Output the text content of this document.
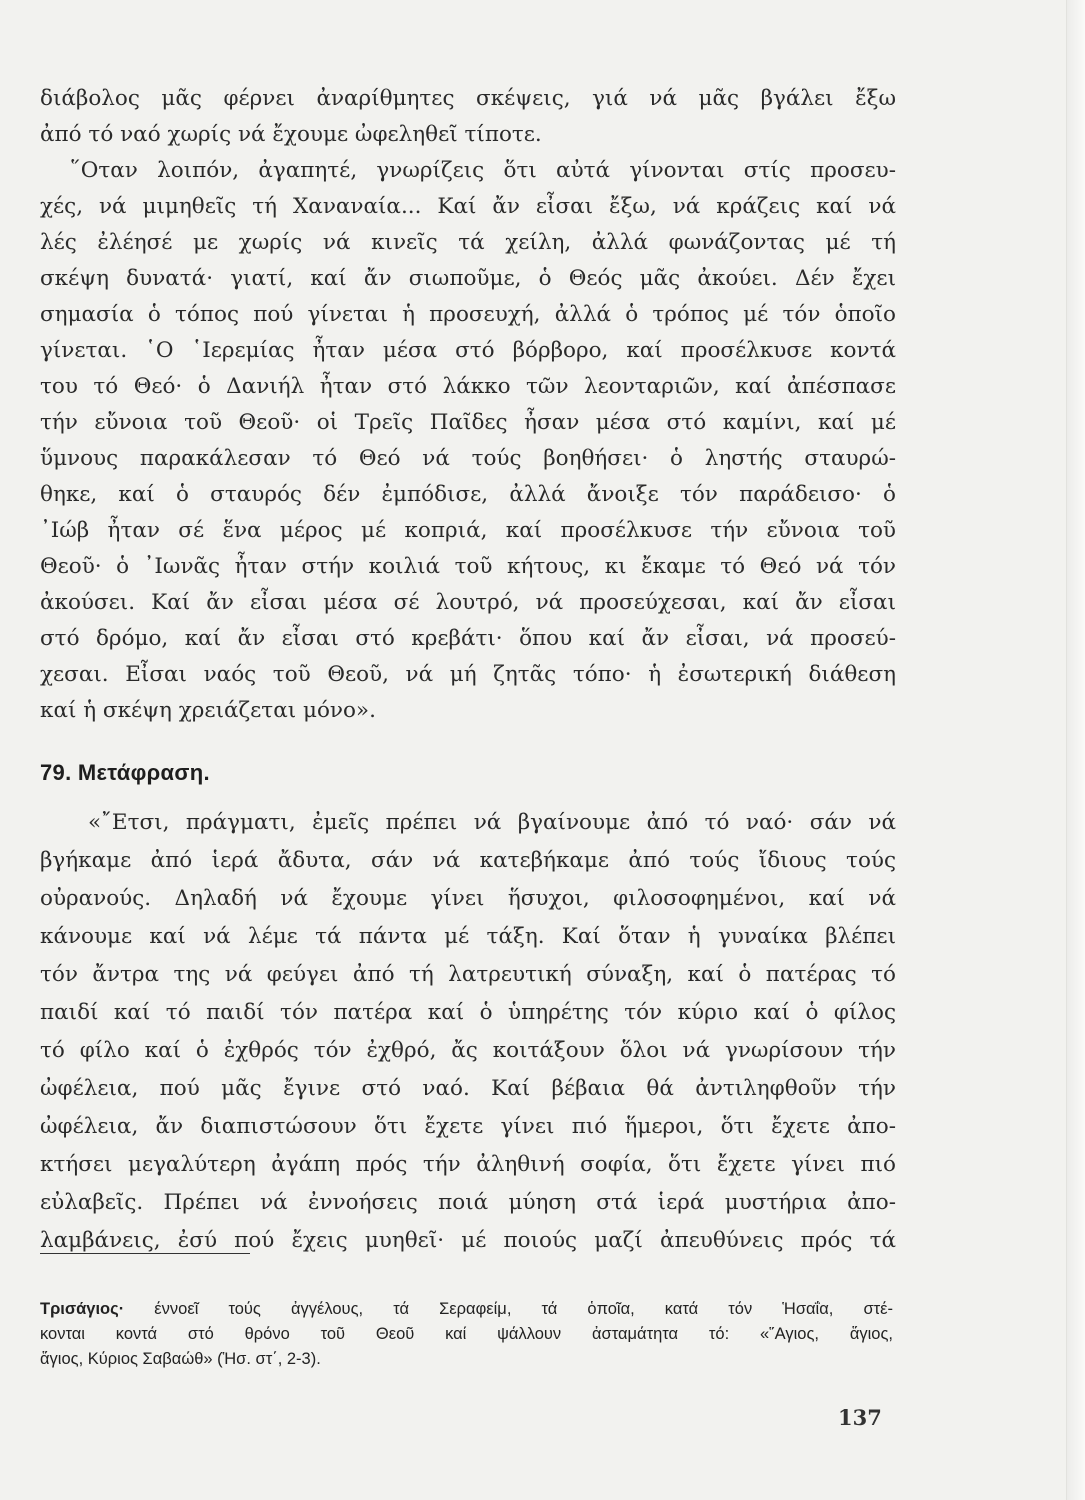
διάβολος μᾶς φέρνει ἀναρίθμητες σκέψεις, γιά νά μᾶς βγάλει ἔξω
ἀπό τό ναό χωρίς νά ἔχουμε ὠφεληθεῖ τίποτε.
῞Οταν λοιπόν, ἀγαπητέ, γνωρίζεις ὅτι αὐτά γίνονται στίς προσευ-
χές, νά μιμηθεῖς τή Χαναναία... Καί ἄν εἶσαι ἔξω, νά κράζεις καί νά
λές ἐλέησέ με χωρίς νά κινεῖς τά χείλη, ἀλλά φωνάζοντας μέ τή
σκέψη δυνατά· γιατί, καί ἄν σιωποῦμε, ὁ Θεός μᾶς ἀκούει. Δέν ἔχει
σημασία ὁ τόπος πού γίνεται ἡ προσευχή, ἀλλά ὁ τρόπος μέ τόν ὁποῖο
γίνεται. ῾Ο ῾Ιερεμίας ἦταν μέσα στό βόρβορο, καί προσέλκυσε κοντά
του τό Θεό· ὁ Δανιήλ ἦταν στό λάκκο τῶν λεονταριῶν, καί ἀπέσπασε
τήν εὔνοια τοῦ Θεοῦ· οἱ Τρεῖς Παῖδες ἦσαν μέσα στό καμίνι, καί μέ
ὕμνους παρακάλεσαν τό Θεό νά τούς βοηθήσει· ὁ ληστής σταυρώ-
θηκε, καί ὁ σταυρός δέν ἐμπόδισε, ἀλλά ἄνοιξε τόν παράδεισο· ὁ
᾿Ιώβ ἦταν σέ ἕνα μέρος μέ κοπριά, καί προσέλκυσε τήν εὔνοια τοῦ
Θεοῦ· ὁ ᾿Ιωνᾶς ἦταν στήν κοιλιά τοῦ κήτους, κι ἔκαμε τό Θεό νά τόν
ἀκούσει. Καί ἄν εἶσαι μέσα σέ λουτρό, νά προσεύχεσαι, καί ἄν εἶσαι
στό δρόμο, καί ἄν εἶσαι στό κρεβάτι· ὅπου καί ἄν εἶσαι, νά προσεύ-
χεσαι. Εἶσαι ναός τοῦ Θεοῦ, νά μή ζητᾶς τόπο· ἡ ἐσωτερική διάθεση
καί ἡ σκέψη χρειάζεται μόνο».
79. Μετάφραση.
«῎Ετσι, πράγματι, ἐμεῖς πρέπει νά βγαίνουμε ἀπό τό ναό· σάν νά
βγήκαμε ἀπό ἱερά ἄδυτα, σάν νά κατεβήκαμε ἀπό τούς ἴδιους τούς
οὐρανούς. Δηλαδή νά ἔχουμε γίνει ἥσυχοι, φιλοσοφημένοι, καί νά
κάνουμε καί νά λέμε τά πάντα μέ τάξη. Καί ὅταν ἡ γυναίκα βλέπει
τόν ἄντρα της νά φεύγει ἀπό τή λατρευτική σύναξη, καί ὁ πατέρας τό
παιδί καί τό παιδί τόν πατέρα καί ὁ ὑπηρέτης τόν κύριο καί ὁ φίλος
τό φίλο καί ὁ ἐχθρός τόν ἐχθρό, ἄς κοιτάξουν ὅλοι νά γνωρίσουν τήν
ὠφέλεια, πού μᾶς ἔγινε στό ναό. Καί βέβαια θά ἀντιληφθοῦν τήν
ὠφέλεια, ἄν διαπιστώσουν ὅτι ἔχετε γίνει πιό ἥμεροι, ὅτι ἔχετε ἀπο-
κτήσει μεγαλύτερη ἀγάπη πρός τήν ἀληθινή σοφία, ὅτι ἔχετε γίνει πιό
εὐλαβεῖς. Πρέπει νά ἐννοήσεις ποιά μύηση στά ἱερά μυστήρια ἀπο-
λαμβάνεις, ἐσύ πού ἔχεις μυηθεῖ· μέ ποιούς μαζί ἀπευθύνεις πρός τά
Τρισάγιος· έννοεῖ τούς ἀγγέλους, τά Σεραφείμ, τά ὁποῖα, κατά τόν Ἡσαΐα, στέ-
κονται κοντά στό θρόνο τοῦ Θεοῦ καί ψάλλουν ἀσταμάτητα τό: «῞Αγιος, ἅγιος,
ἅγιος, Κύριος Σαβαώθ» (Ἡσ. στ΄, 2-3).
137
